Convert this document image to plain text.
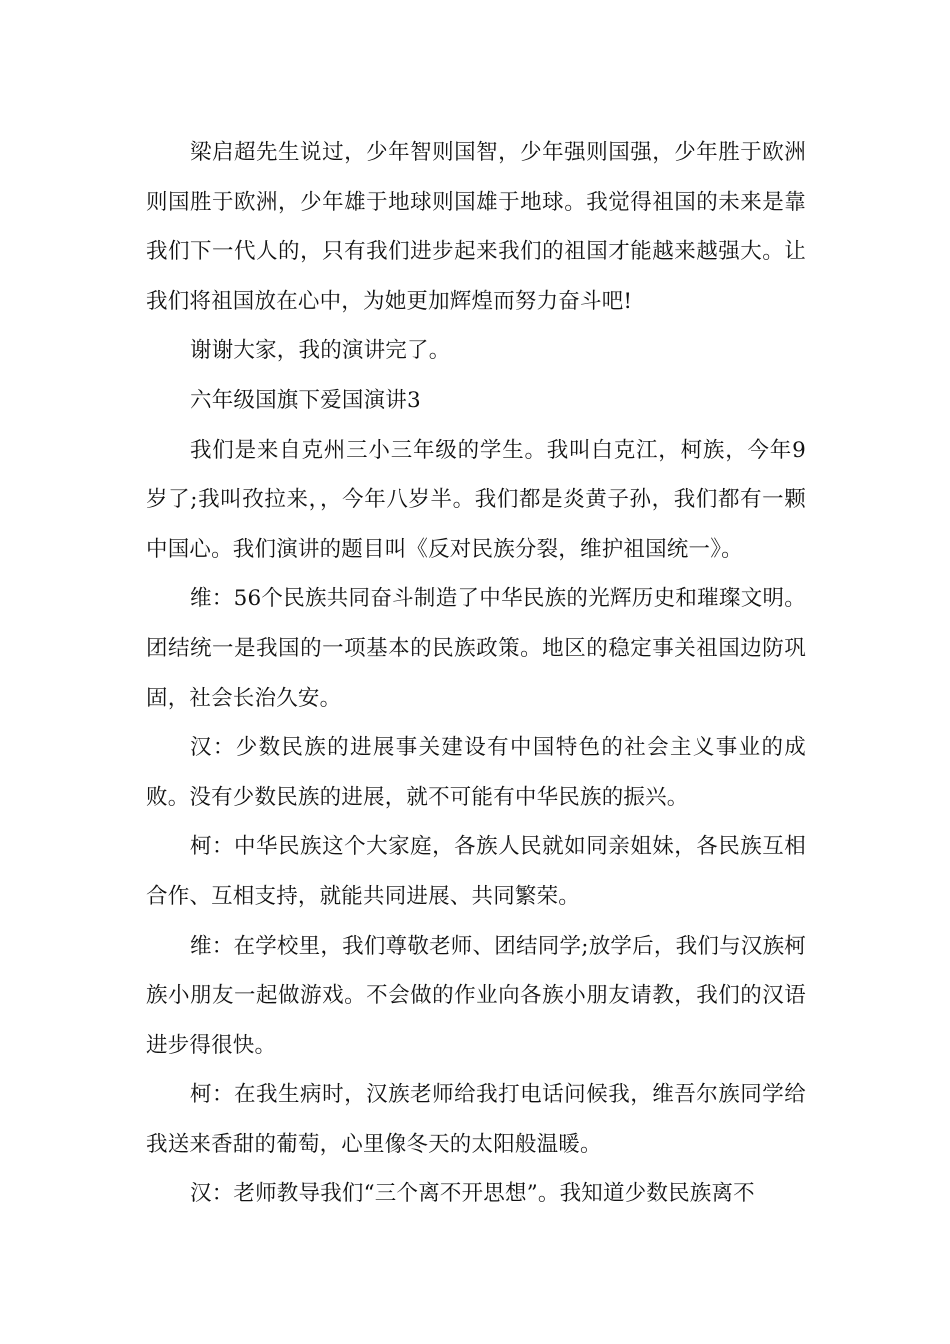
梁启超先生说过，少年智则国智，少年强则国强，少年胜于欧洲则国胜于欧洲，少年雄于地球则国雄于地球。我觉得祖国的未来是靠我们下一代人的，只有我们进步起来我们的祖国才能越来越强大。让我们将祖国放在心中，为她更加辉煌而努力奋斗吧!

谢谢大家，我的演讲完了。

六年级国旗下爱国演讲3

我们是来自克州三小三年级的学生。我叫白克江，柯族，今年9岁了;我叫孜拉来，，今年八岁半。我们都是炎黄子孙，我们都有一颗中国心。我们演讲的题目叫《反对民族分裂，维护祖国统一》。

维：56个民族共同奋斗制造了中华民族的光辉历史和璀璨文明。团结统一是我国的一项基本的民族政策。地区的稳定事关祖国边防巩固，社会长治久安。

汉：少数民族的进展事关建设有中国特色的社会主义事业的成败。没有少数民族的进展，就不可能有中华民族的振兴。

柯：中华民族这个大家庭，各族人民就如同亲姐妹，各民族互相合作、互相支持，就能共同进展、共同繁荣。

维：在学校里，我们尊敬老师、团结同学;放学后，我们与汉族柯族小朋友一起做游戏。不会做的作业向各族小朋友请教，我们的汉语进步得很快。

柯：在我生病时，汉族老师给我打电话问候我，维吾尔族同学给我送来香甜的葡萄，心里像冬天的太阳般温暖。

汉：老师教导我们“三个离不开思想”。我知道少数民族离不
